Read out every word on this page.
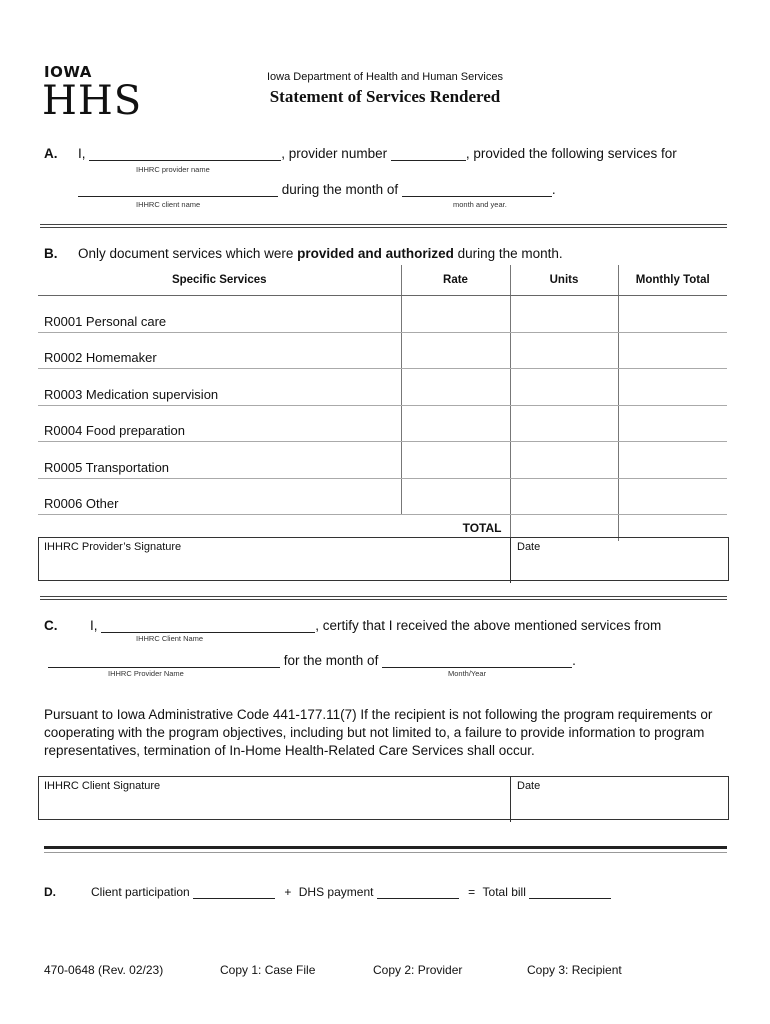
IOWA
HHS
Iowa Department of Health and Human Services
Statement of Services Rendered
A. I,	, provider number	, provided the following services for
IHHRC provider name
during the month of	.
IHHRC client name	month and year.
B. Only document services which were provided and authorized during the month.
Specific Services	Rate	Units	Monthly Total
R0001 Personal care			
R0002 Homemaker			
R0003 Medication supervision			
R0004 Food preparation			
R0005 Transportation			
R0006 Other			
TOTAL			
IHHRC Provider’s Signature	Date
C. I,	, certify that I received the above mentioned services from
IHHRC Client Name
for the month of	.
IHHRC Provider Name	Month/Year
Pursuant to Iowa Administrative Code 441-177.11(7) If the recipient is not following the program requirements or cooperating with the program objectives, including but not limited to, a failure to provide information to program representatives, termination of In-Home Health-Related Care Services shall occur.
IHHRC Client Signature	Date
D.	Client participation	+ DHS payment	= Total bill
470-0648 (Rev. 02/23)	Copy 1: Case File	Copy 2: Provider	Copy 3: Recipient
